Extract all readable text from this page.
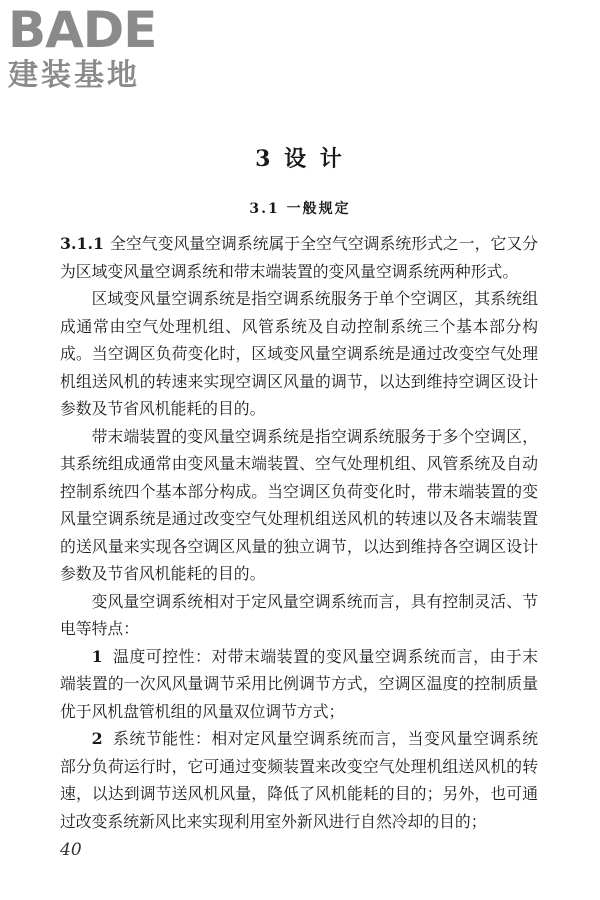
BADE
建装基地
3 设 计
3.1 一般规定

3.1.1 全空气变风量空调系统属于全空气空调系统形式之一，它又分为区域变风量空调系统和带末端装置的变风量空调系统两种形式。

区域变风量空调系统是指空调系统服务于单个空调区，其系统组成通常由空气处理机组、风管系统及自动控制系统三个基本部分构成。当空调区负荷变化时，区域变风量空调系统是通过改变空气处理机组送风机的转速来实现空调区风量的调节，以达到维持空调区设计参数及节省风机能耗的目的。

带末端装置的变风量空调系统是指空调系统服务于多个空调区，其系统组成通常由变风量末端装置、空气处理机组、风管系统及自动控制系统四个基本部分构成。当空调区负荷变化时，带末端装置的变风量空调系统是通过改变空气处理机组送风机的转速以及各末端装置的送风量来实现各空调区风量的独立调节，以达到维持各空调区设计参数及节省风机能耗的目的。

变风量空调系统相对于定风量空调系统而言，具有控制灵活、节电等特点：

1 温度可控性：对带末端装置的变风量空调系统而言，由于末端装置的一次风风量调节采用比例调节方式，空调区温度的控制质量优于风机盘管机组的风量双位调节方式；

2 系统节能性：相对定风量空调系统而言，当变风量空调系统部分负荷运行时，它可通过变频装置来改变空气处理机组送风机的转速，以达到调节送风机风量，降低了风机能耗的目的；另外，也可通过改变系统新风比来实现利用室外新风进行自然冷却的目的；

40
